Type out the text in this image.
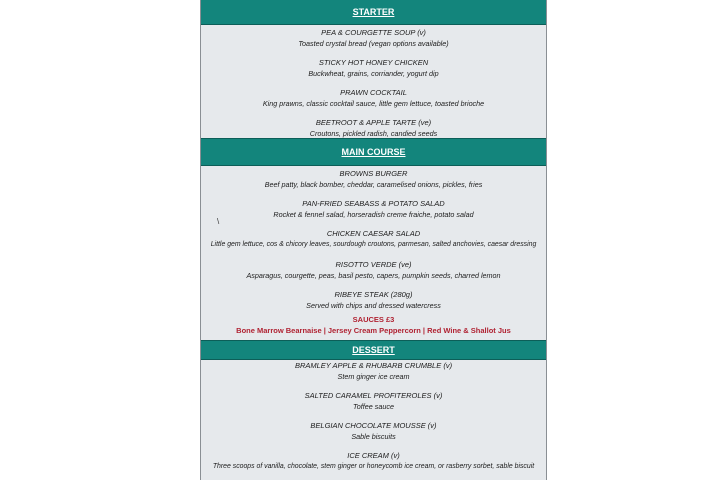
STARTER
PEA & COURGETTE SOUP (v)
Toasted crystal bread (vegan options available)
STICKY HOT HONEY CHICKEN
Buckwheat, grains, corriander, yogurt dip
PRAWN COCKTAIL
King prawns, classic cocktail sauce, little gem lettuce, toasted brioche
BEETROOT & APPLE TARTE (ve)
Croutons, pickled radish, candied seeds
MAIN COURSE
BROWNS BURGER
Beef patty, black bomber, cheddar, caramelised onions, pickles, fries
PAN-FRIED SEABASS & POTATO SALAD
Rocket & fennel salad, horseradish creme fraiche, potato salad
\
CHICKEN CAESAR SALAD
Little gem lettuce, cos & chicory leaves, sourdough croutons, parmesan, salted anchovies, caesar dressing
RISOTTO VERDE (ve)
Asparagus, courgette, peas, basil pesto, capers, pumpkin seeds, charred lemon
RIBEYE STEAK (280g)
Served with chips and dressed watercress
SAUCES £3
Bone Marrow Bearnaise | Jersey Cream Peppercorn | Red Wine & Shallot Jus
DESSERT
BRAMLEY APPLE & RHUBARB CRUMBLE (v)
Stem ginger ice cream
SALTED CARAMEL PROFITEROLES (v)
Toffee sauce
BELGIAN CHOCOLATE MOUSSE (v)
Sable biscuits
ICE CREAM (v)
Three scoops of vanilla, chocolate, stem ginger or honeycomb ice cream, or rasberry sorbet, sable biscuit
